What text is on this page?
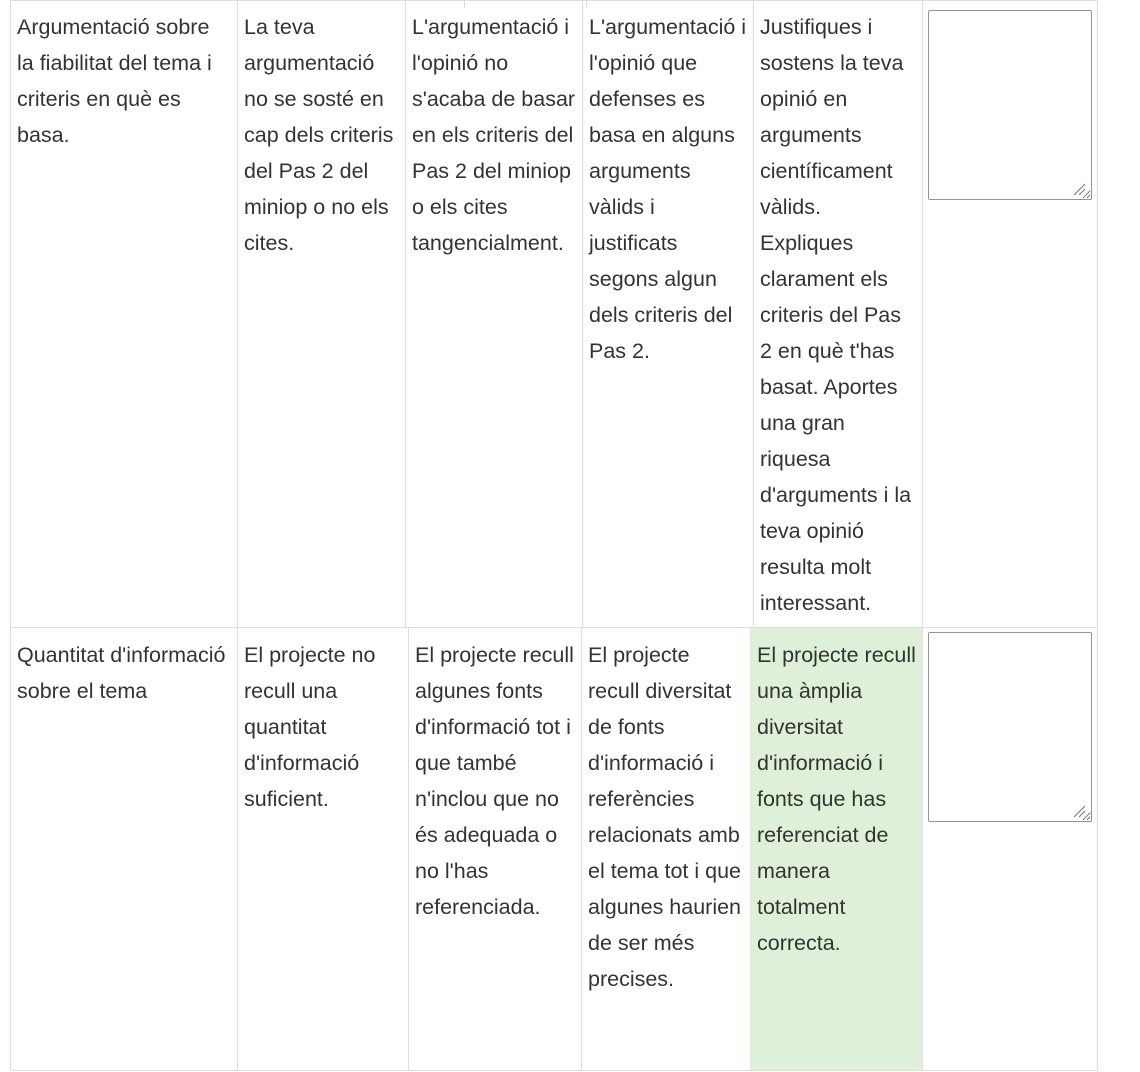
Argumentació sobre la fiabilitat del tema i criteris en què es basa.

La teva argumentació no se sosté en cap dels criteris del Pas 2 del miniop o no els cites.

L'argumentació i l'opinió no s'acaba de basar en els criteris del Pas 2 del miniop o els cites tangencialment.

L'argumentació i l'opinió que defenses es basa en alguns arguments vàlids i justificats segons algun dels criteris del Pas 2.

Justifiques i sostens la teva opinió en arguments científicament vàlids. Expliques clarament els criteris del Pas 2 en què t'has basat. Aportes una gran riquesa d'arguments i la teva opinió resulta molt interessant.

Quantitat d'informació sobre el tema

El projecte no recull una quantitat d'informació suficient.

El projecte recull algunes fonts d'informació tot i que també n'inclou que no és adequada o no l'has referenciada.

El projecte recull diversitat de fonts d'informació i referències relacionats amb el tema tot i que algunes haurien de ser més precises.

El projecte recull una àmplia diversitat d'informació i fonts que has referenciat de manera totalment correcta.
